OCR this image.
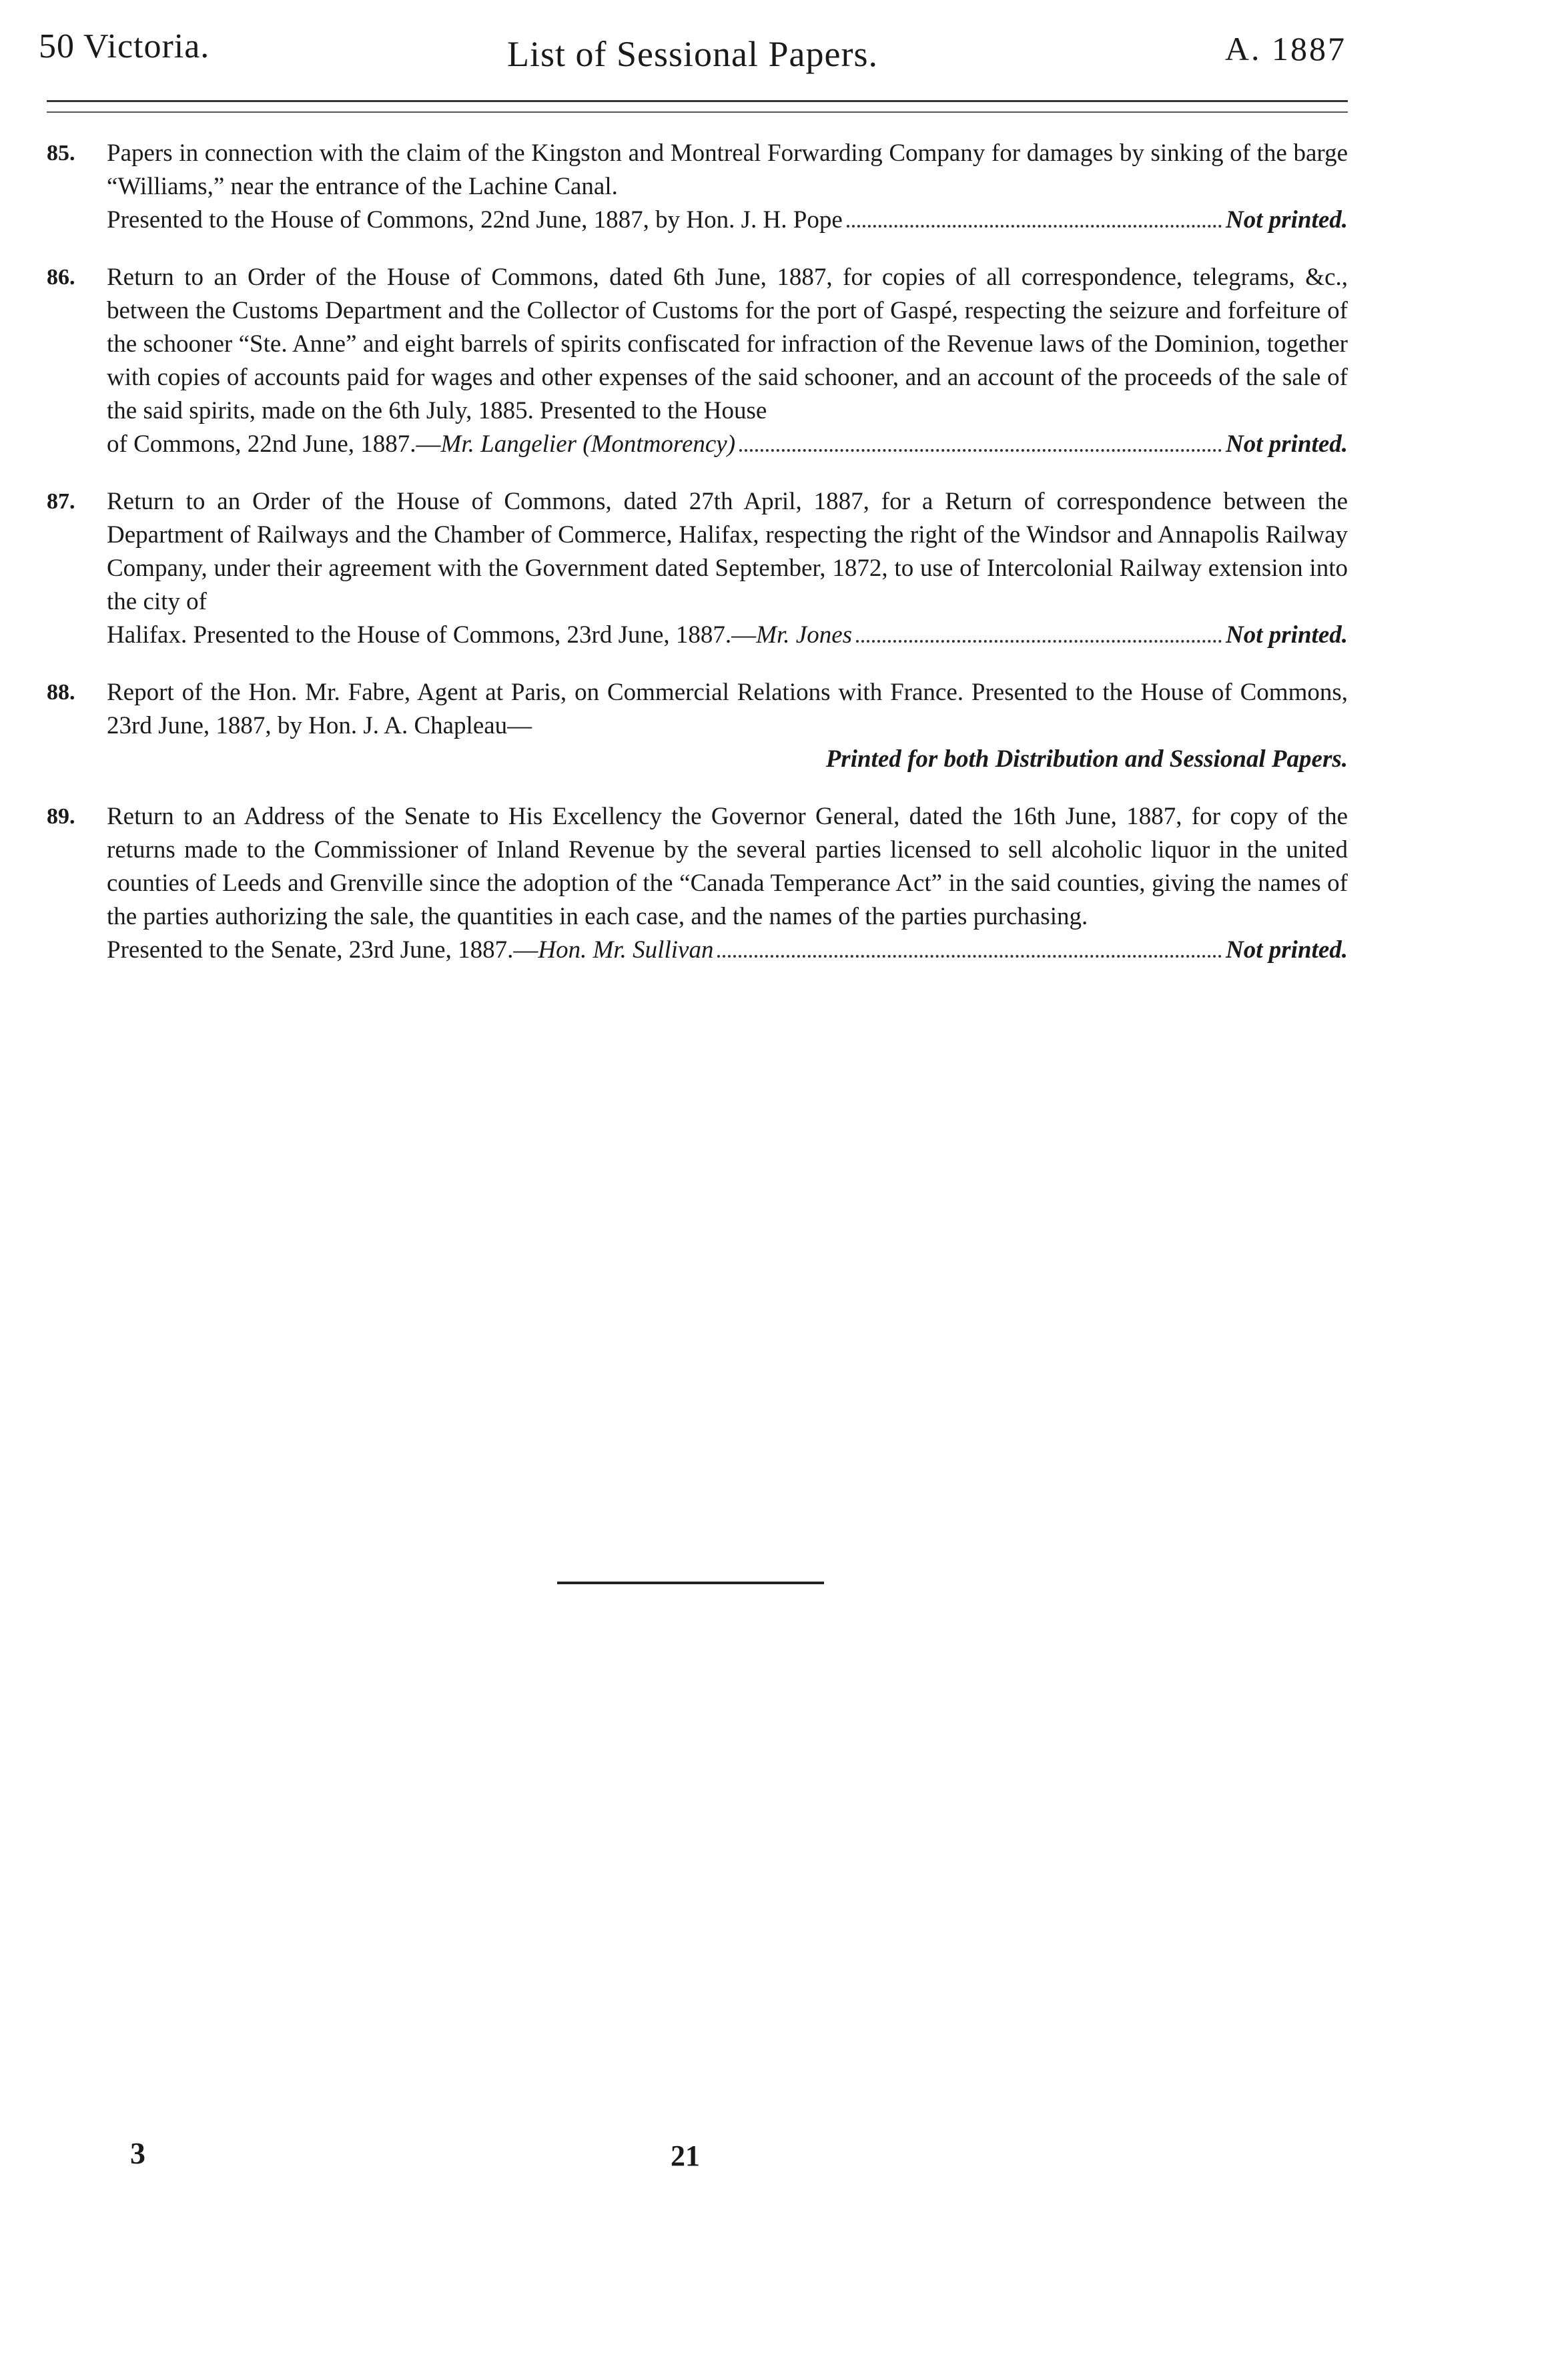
50 Victoria.	List of Sessional Papers.	A. 1887
85. Papers in connection with the claim of the Kingston and Montreal Forwarding Company for damages by sinking of the barge “Williams,” near the entrance of the Lachine Canal.
Presented to the House of Commons, 22nd June, 1887, by Hon. J. H. Pope	Not printed.
86. Return to an Order of the House of Commons, dated 6th June, 1887, for copies of all correspondence, telegrams, &c., between the Customs Department and the Collector of Customs for the port of Gaspé, respecting the seizure and forfeiture of the schooner “Ste. Anne” and eight barrels of spirits confiscated for infraction of the Revenue laws of the Dominion, together with copies of accounts paid for wages and other expenses of the said schooner, and an account of the proceeds of the sale of the said spirits, made on the 6th July, 1885. Presented to the House
of Commons, 22nd June, 1887.—Mr. Langelier (Montmorency)	Not printed.
87. Return to an Order of the House of Commons, dated 27th April, 1887, for a Return of correspondence between the Department of Railways and the Chamber of Commerce, Halifax, respecting the right of the Windsor and Annapolis Railway Company, under their agreement with the Government dated September, 1872, to use of Intercolonial Railway extension into the city of
Halifax. Presented to the House of Commons, 23rd June, 1887.—Mr. Jones	Not printed.
88. Report of the Hon. Mr. Fabre, Agent at Paris, on Commercial Relations with France. Presented to the House of Commons, 23rd June, 1887, by Hon. J. A. Chapleau—
Printed for both Distribution and Sessional Papers.
89. Return to an Address of the Senate to His Excellency the Governor General, dated the 16th June, 1887, for copy of the returns made to the Commissioner of Inland Revenue by the several parties licensed to sell alcoholic liquor in the united counties of Leeds and Grenville since the adoption of the “Canada Temperance Act” in the said counties, giving the names of the parties authorizing the sale, the quantities in each case, and the names of the parties purchasing.
Presented to the Senate, 23rd June, 1887.—Hon. Mr. Sullivan	Not printed.
3	21
